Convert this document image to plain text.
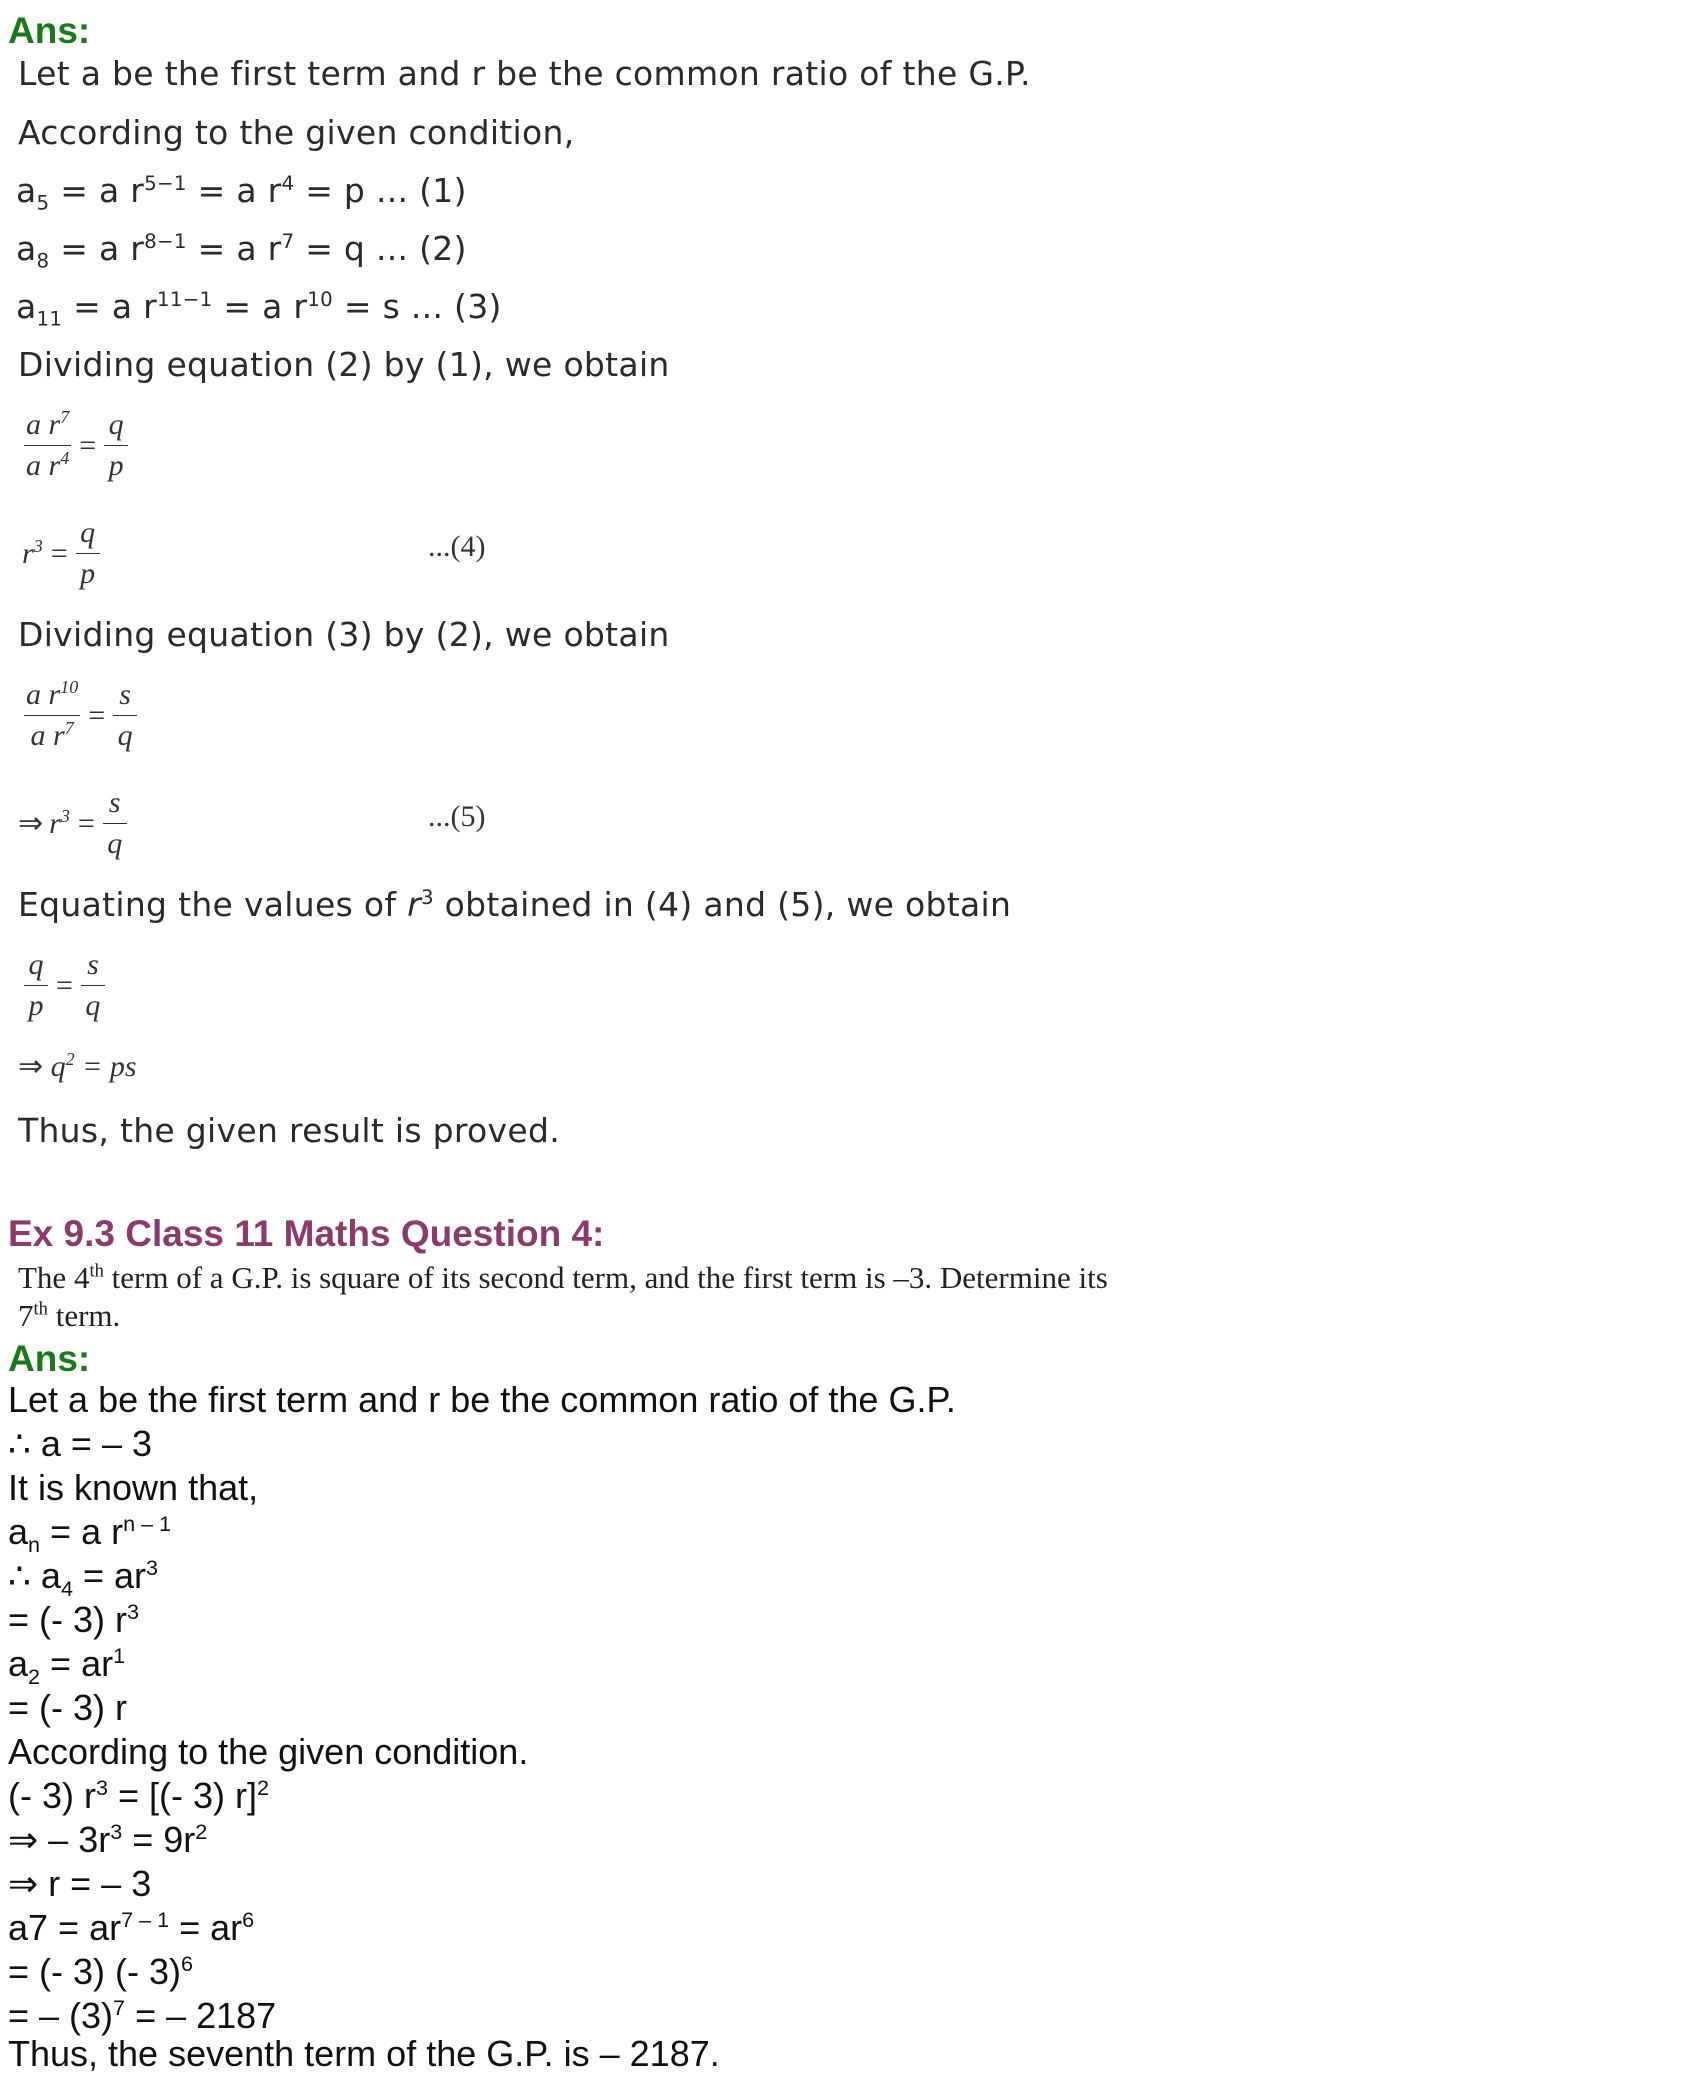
Ans:
Let a be the first term and r be the common ratio of the G.P.
According to the given condition,
$a_5 = a$ $r^{5-1} = a$ $r^4 = p$ ... (1)
$a_8 = a$ $r^{8-1} = a$ $r^7 = q$ ... (2)
$a_{11} = a$ $r^{11-1} = a$ $r^{10} = s$ ... (3)
Dividing equation (2) by (1), we obtain
$\frac{a r^7}{a r^4} = \frac{q}{p}$
$r^3 = \frac{q}{p}$	...(4)
Dividing equation (3) by (2), we obtain
$\frac{a r^{10}}{a r^7} = \frac{s}{q}$
⇒ $r^3 = \frac{s}{q}$	...(5)
Equating the values of $r^3$ obtained in (4) and (5), we obtain
$\frac{q}{p} = \frac{s}{q}$
⇒ $q^2$ = ps
Thus, the given result is proved.
Ex 9.3 Class 11 Maths Question 4:
The 4th term of a G.P. is square of its second term, and the first term is –3. Determine its
7th term.
Ans:
Let a be the first term and r be the common ratio of the G.P.
∴ a = – 3
It is known that,
$a_n = a$ $r^{n - 1}$
∴ $a_4 = ar^3$
= (- 3) $r^3$
$a_2 = ar^1$
= (- 3) r
According to the given condition.
(- 3) $r^3$ = [(- 3) r]$^2$
⇒ – $3r^3 = 9r^2$
⇒ r = – 3
$a7 = ar^{7 - 1} = ar^6$
= (- 3) (- 3)$^6$
= – $(3)^7$ = – 2187
Thus, the seventh term of the G.P. is – 2187.
